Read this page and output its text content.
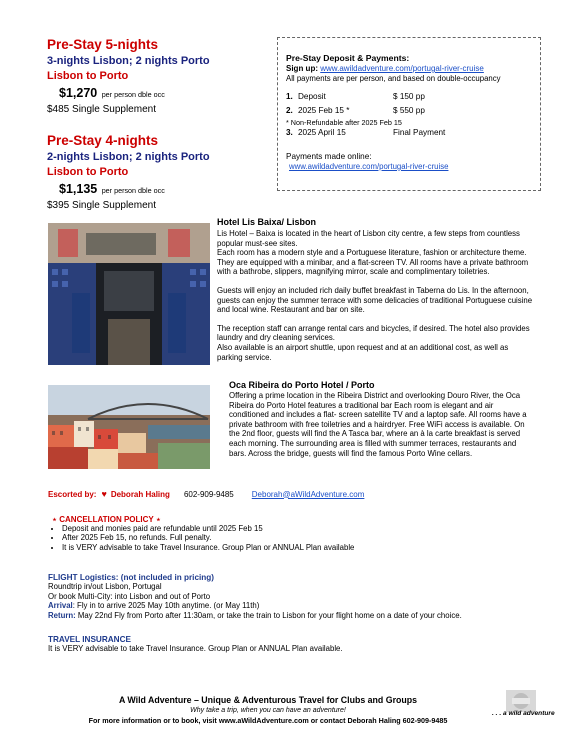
Pre-Stay 5-nights
3-nights Lisbon; 2 nights Porto
Lisbon to Porto
$1,270 per person dble occ
$485 Single Supplement
Pre-Stay 4-nights
2-nights Lisbon; 2 nights Porto
Lisbon to Porto
$1,135 per person dble occ
$395 Single Supplement
Pre-Stay Deposit & Payments:
Sign up: www.awildadventure.com/portugal-river-cruise
All payments are per person, and based on double-occupancy
1. Deposit	$ 150 pp
2. 2025 Feb 15 *	$ 550 pp
* Non-Refundable after 2025 Feb 15
3. 2025 April 15	Final Payment
Payments made online:
www.awildadventure.com/portugal-river-cruise
Hotel Lis Baixa/ Lisbon
Lis Hotel – Baixa is located in the heart of Lisbon city centre, a few steps from countless popular must-see sites.
Each room has a modern style and a Portuguese literature, fashion or architecture theme. They are equipped with a minibar, and a flat-screen TV. All rooms have a private bathroom with a bathrobe, slippers, magnifying mirror, scale and complimentary toiletries.
Guests will enjoy an included rich daily buffet breakfast in Taberna do Lis. In the afternoon, guests can enjoy the summer terrace with some delicacies of traditional Portuguese cuisine and local wine. Restaurant and bar on site.
The reception staff can arrange rental cars and bicycles, if desired. The hotel also provides laundry and dry cleaning services.
Also available is an airport shuttle, upon request and at an additional cost, as well as parking service.
Oca Ribeira do Porto Hotel / Porto
Offering a prime location in the Ribeira District and overlooking Douro River, the Oca Ribeira do Porto Hotel features a traditional bar Each room is elegant and air conditioned and includes a flat- screen satellite TV and a laptop safe. All rooms have a private bathroom with free toiletries and a hairdryer. Free WiFi access is available. On the 2nd floor, guests will find the A Tasca bar, where an à la carte breakfast is served each morning. The surrounding area is filled with summer terraces, restaurants and bars. Across the bridge, guests will find the famous Porto Wine cellars.
Escorted by: ♥ Deborah Haling 602-909-9485 Deborah@aWildAdventure.com
⋆ CANCELLATION POLICY ⋆
• Deposit and monies paid are refundable until 2025 Feb 15
• After 2025 Feb 15, no refunds. Full penalty.
• It is VERY advisable to take Travel Insurance. Group Plan or ANNUAL Plan available
FLIGHT Logistics: (not included in pricing)
Roundtrip in/out Lisbon, Portugal
Or book Multi-City: into Lisbon and out of Porto
Arrival: Fly in to arrive 2025 May 10th anytime. (or May 11th)
Return: May 22nd Fly from Porto after 11:30am, or take the train to Lisbon for your flight home on a date of your choice.
TRAVEL INSURANCE
It is VERY advisable to take Travel Insurance. Group Plan or ANNUAL Plan available.
A Wild Adventure – Unique & Adventurous Travel for Clubs and Groups
Why take a trip, when you can have an adventure!
For more information or to book, visit www.aWildAdventure.com or contact Deborah Haling 602-909-9485
. . . a wild adventure
